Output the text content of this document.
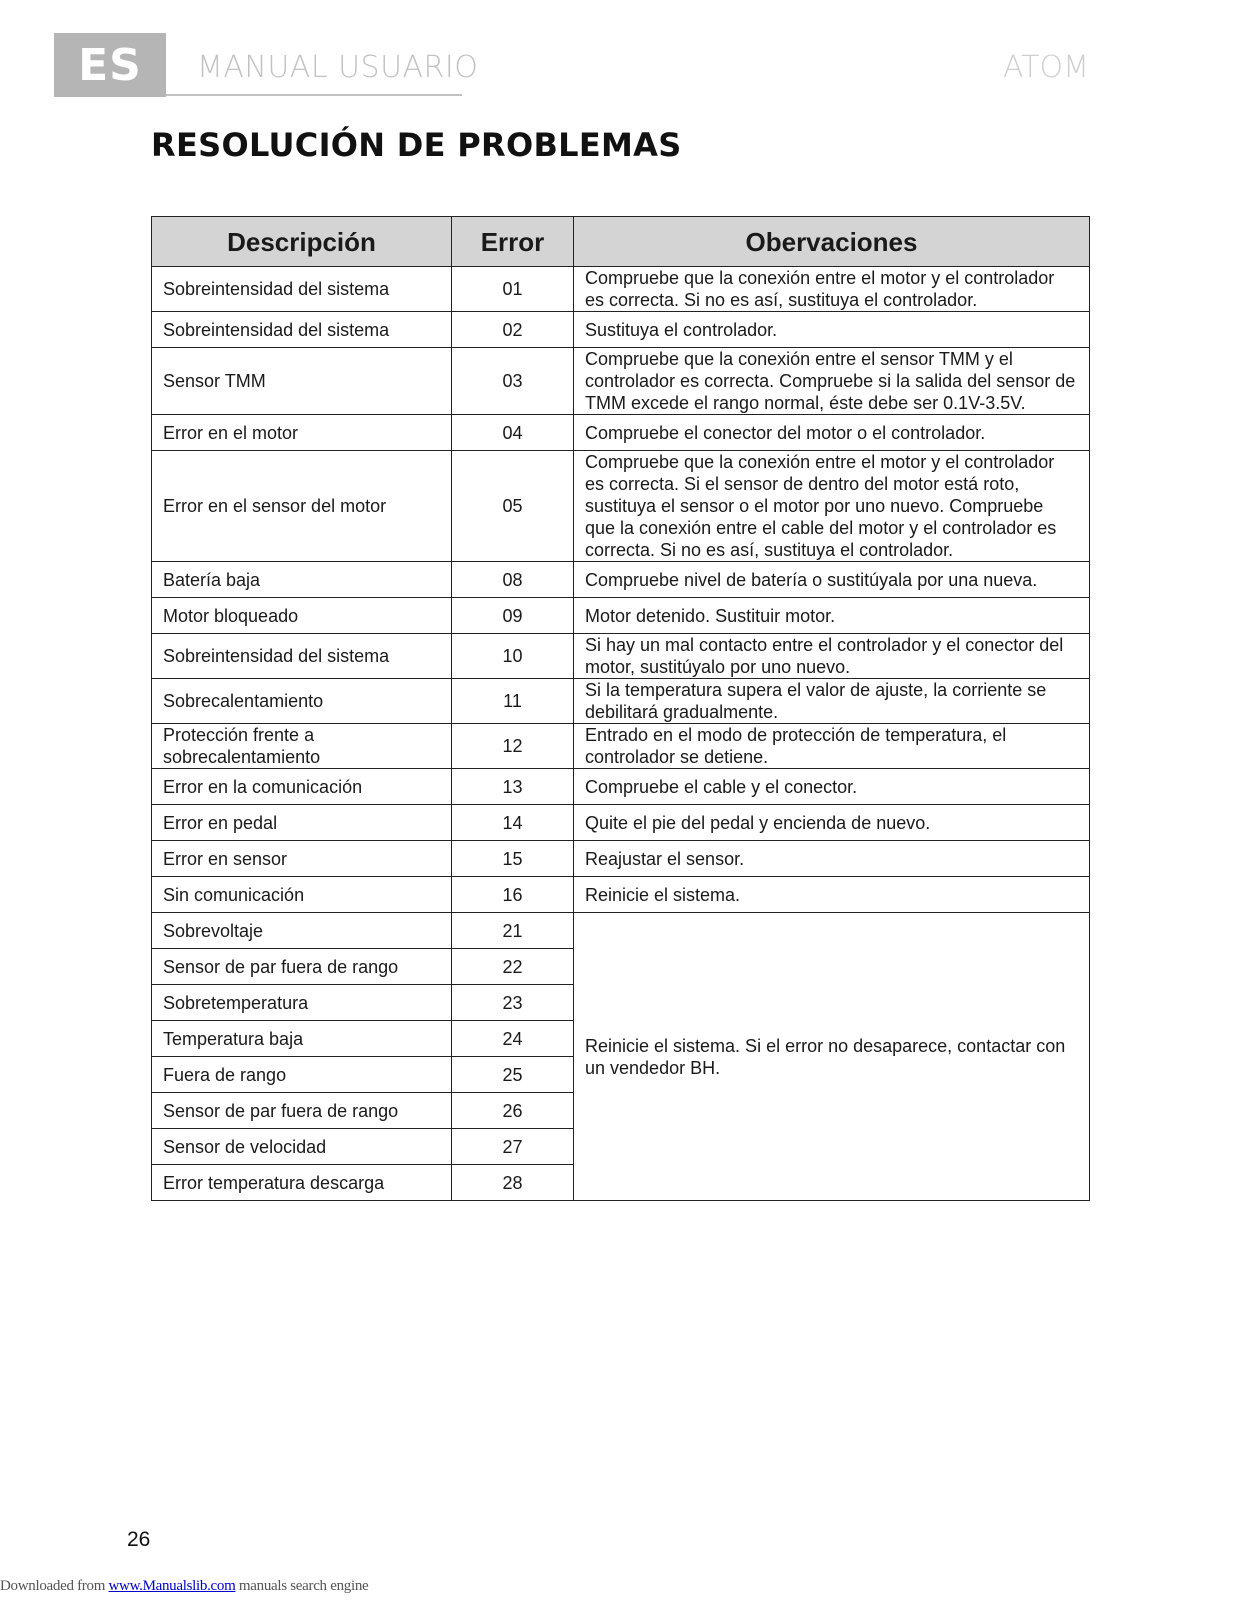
ES	MANUAL USUARIO	ATOM
RESOLUCIÓN DE PROBLEMAS
Descripción	Error	Obervaciones
Sobreintensidad del sistema	01	Compruebe que la conexión entre el motor y el controlador es correcta. Si no es así, sustituya el controlador.
Sobreintensidad del sistema	02	Sustituya el controlador.
Sensor TMM	03	Compruebe que la conexión entre el sensor TMM y el controlador es correcta. Compruebe si la salida del sensor de TMM excede el rango normal, éste debe ser 0.1V-3.5V.
Error en el motor	04	Compruebe el conector del motor o el controlador.
Error en el sensor del motor	05	Compruebe que la conexión entre el motor y el controlador es correcta. Si el sensor de dentro del motor está roto, sustituya el sensor o el motor por uno nuevo. Compruebe que la conexión entre el cable del motor y el controlador es correcta. Si no es así, sustituya el controlador.
Batería baja	08	Compruebe nivel de batería o sustitúyala por una nueva.
Motor bloqueado	09	Motor detenido. Sustituir motor.
Sobreintensidad del sistema	10	Si hay un mal contacto entre el controlador y el conector del motor, sustitúyalo por uno nuevo.
Sobrecalentamiento	11	Si la temperatura supera el valor de ajuste, la corriente se debilitará gradualmente.
Protección frente a sobrecalentamiento	12	Entrado en el modo de protección de temperatura, el controlador se detiene.
Error en la comunicación	13	Compruebe el cable y el conector.
Error en pedal	14	Quite el pie del pedal y encienda de nuevo.
Error en sensor	15	Reajustar el sensor.
Sin comunicación	16	Reinicie el sistema.
Sobrevoltaje	21	Reinicie el sistema. Si el error no desaparece, contactar con un vendedor BH.
Sensor de par fuera de rango	22	
Sobretemperatura	23	
Temperatura baja	24	
Fuera de rango	25	
Sensor de par fuera de rango	26	
Sensor de velocidad	27	
Error temperatura descarga	28	
26
Downloaded from www.Manualslib.com manuals search engine
